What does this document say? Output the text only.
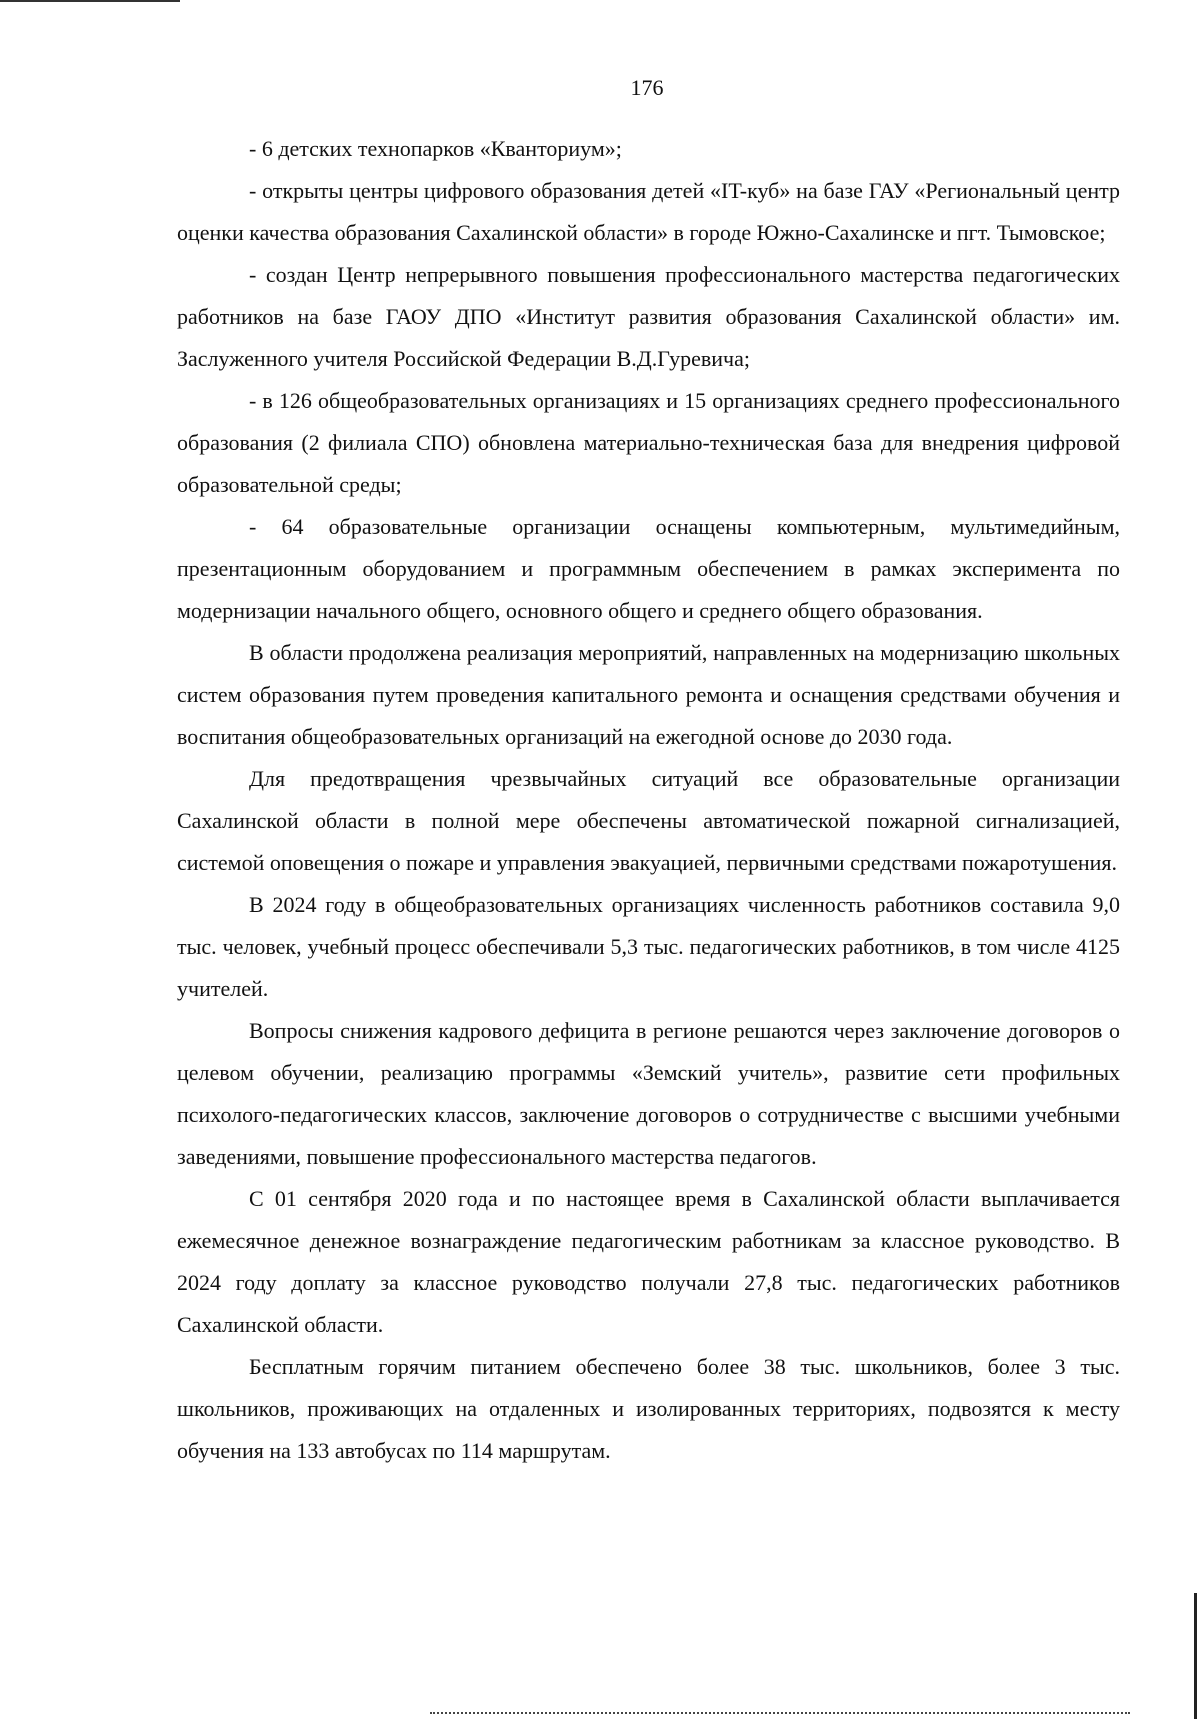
176

- 6 детских технопарков «Кванториум»;

- открыты центры цифрового образования детей «IT-куб» на базе ГАУ «Региональный центр оценки качества образования Сахалинской области» в городе Южно-Сахалинске и пгт. Тымовское;

- создан Центр непрерывного повышения профессионального мастерства педагогических работников на базе ГАОУ ДПО «Институт развития образования Сахалинской области» им. Заслуженного учителя Российской Федерации В.Д.Гуревича;

- в 126 общеобразовательных организациях и 15 организациях среднего профессионального образования (2 филиала СПО) обновлена материально-техническая база для внедрения цифровой образовательной среды;

- 64 образовательные организации оснащены компьютерным, мультимедийным, презентационным оборудованием и программным обеспечением в рамках эксперимента по модернизации начального общего, основного общего и среднего общего образования.

В области продолжена реализация мероприятий, направленных на модернизацию школьных систем образования путем проведения капитального ремонта и оснащения средствами обучения и воспитания общеобразовательных организаций на ежегодной основе до 2030 года.

Для предотвращения чрезвычайных ситуаций все образовательные организации Сахалинской области в полной мере обеспечены автоматической пожарной сигнализацией, системой оповещения о пожаре и управления эвакуацией, первичными средствами пожаротушения.

В 2024 году в общеобразовательных организациях численность работников составила 9,0 тыс. человек, учебный процесс обеспечивали 5,3 тыс. педагогических работников, в том числе 4125 учителей.

Вопросы снижения кадрового дефицита в регионе решаются через заключение договоров о целевом обучении, реализацию программы «Земский учитель», развитие сети профильных психолого-педагогических классов, заключение договоров о сотрудничестве с высшими учебными заведениями, повышение профессионального мастерства педагогов.

С 01 сентября 2020 года и по настоящее время в Сахалинской области выплачивается ежемесячное денежное вознаграждение педагогическим работникам за классное руководство. В 2024 году доплату за классное руководство получали 27,8 тыс. педагогических работников Сахалинской области.

Бесплатным горячим питанием обеспечено более 38 тыс. школьников, более 3 тыс. школьников, проживающих на отдаленных и изолированных территориях, подвозятся к месту обучения на 133 автобусах по 114 маршрутам.
